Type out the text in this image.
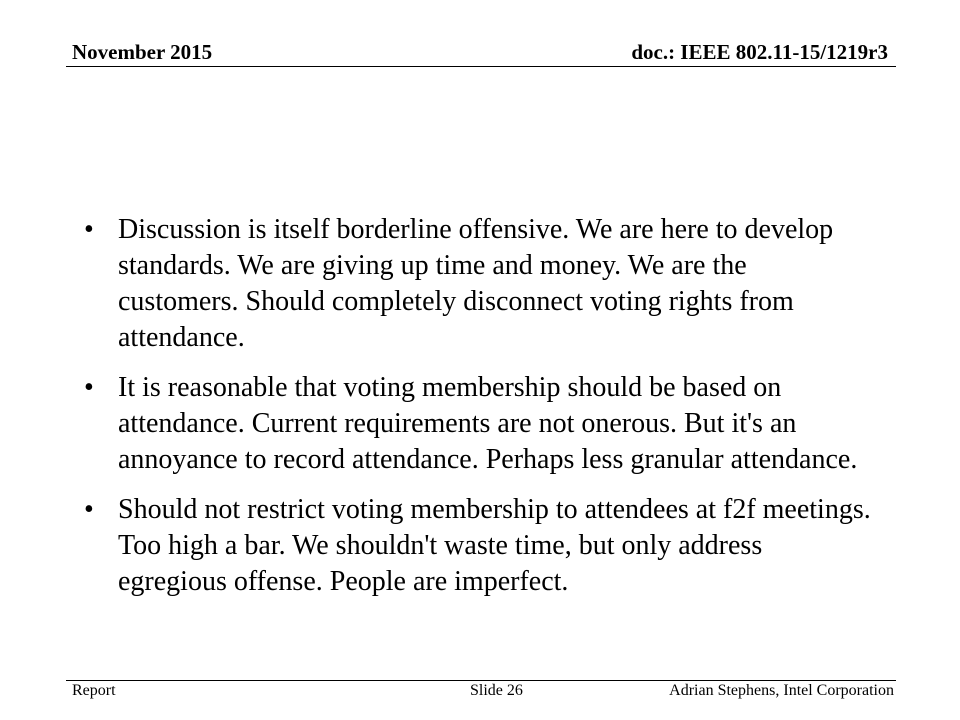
November 2015	doc.: IEEE 802.11-15/1219r3
• Discussion is itself borderline offensive. We are here to develop standards. We are giving up time and money. We are the customers. Should completely disconnect voting rights from attendance.
• It is reasonable that voting membership should be based on attendance. Current requirements are not onerous. But it's an annoyance to record attendance. Perhaps less granular attendance.
• Should not restrict voting membership to attendees at f2f meetings. Too high a bar. We shouldn't waste time, but only address egregious offense. People are imperfect.
Report	Slide 26	Adrian Stephens, Intel Corporation
